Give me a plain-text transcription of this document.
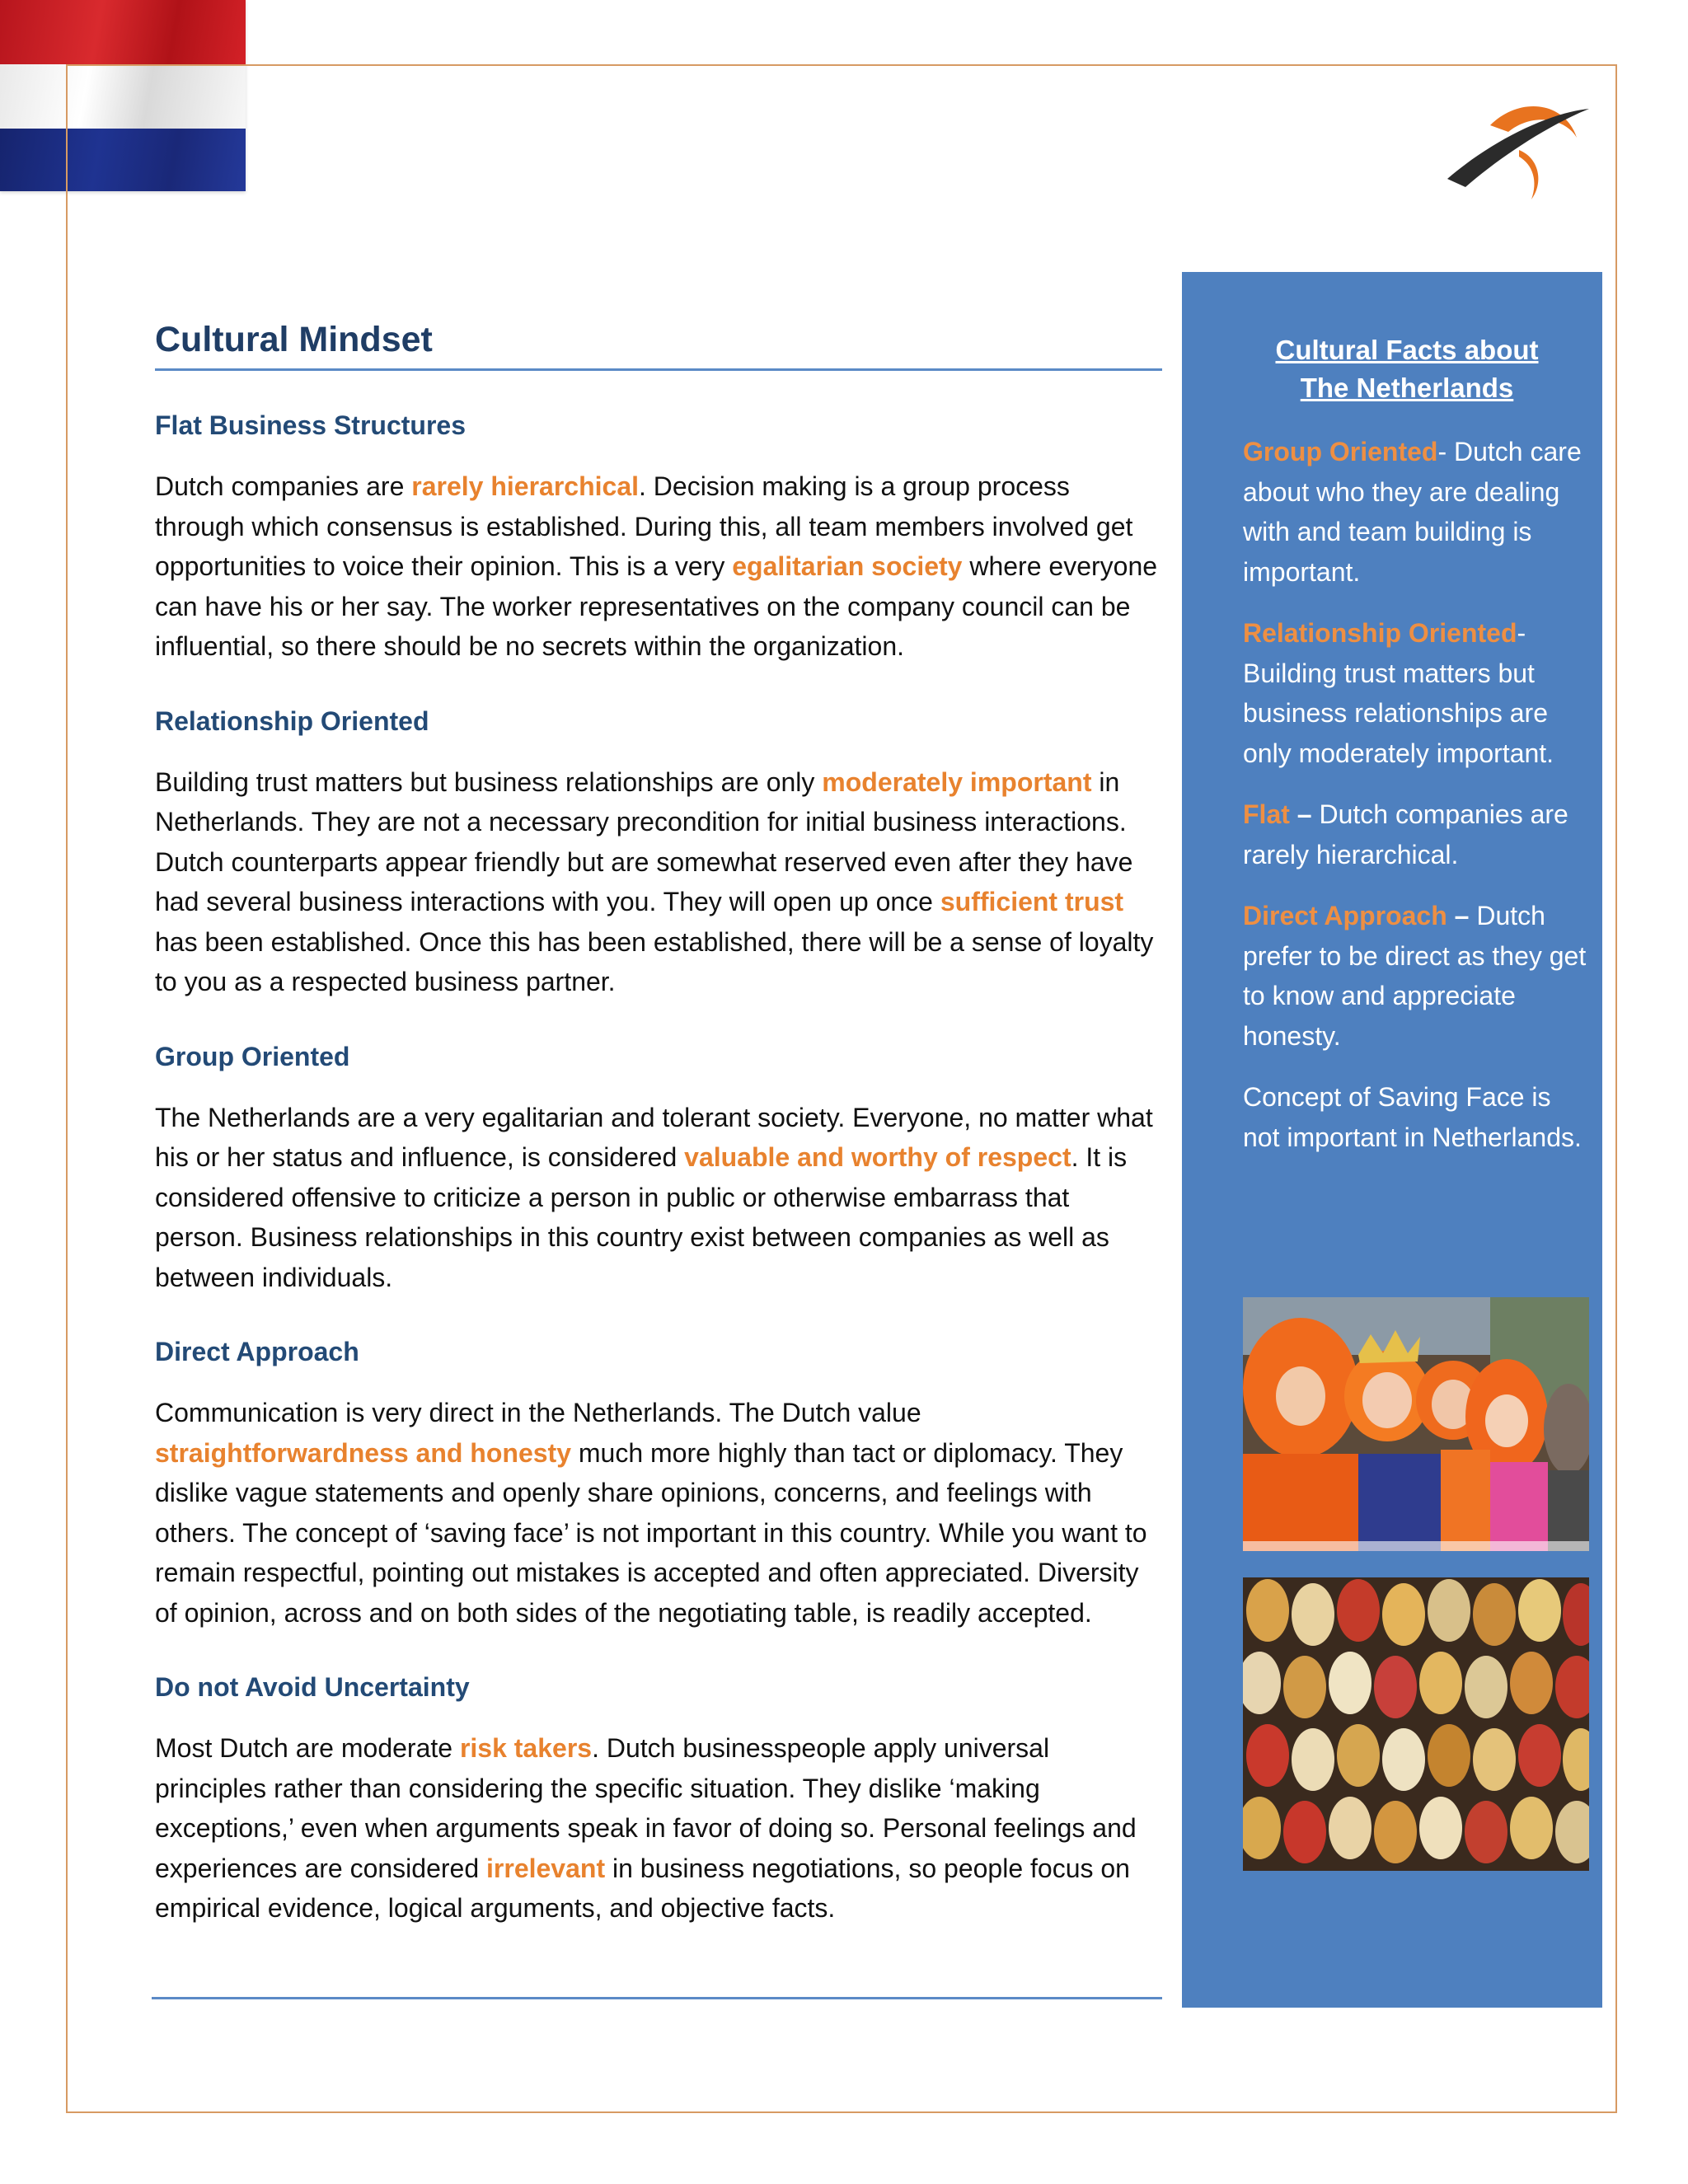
Cultural Mindset
Flat Business Structures

Dutch companies are rarely hierarchical. Decision making is a group process through which consensus is established. During this, all team members involved get opportunities to voice their opinion. This is a very egalitarian society where everyone can have his or her say. The worker representatives on the company council can be influential, so there should be no secrets within the organization.

Relationship Oriented

Building trust matters but business relationships are only moderately important in Netherlands. They are not a necessary precondition for initial business interactions. Dutch counterparts appear friendly but are somewhat reserved even after they have had several business interactions with you. They will open up once sufficient trust has been established. Once this has been established, there will be a sense of loyalty to you as a respected business partner.

Group Oriented

The Netherlands are a very egalitarian and tolerant society. Everyone, no matter what his or her status and influence, is considered valuable and worthy of respect. It is considered offensive to criticize a person in public or otherwise embarrass that person. Business relationships in this country exist between companies as well as between individuals.

Direct Approach

Communication is very direct in the Netherlands. The Dutch value straightforwardness and honesty much more highly than tact or diplomacy. They dislike vague statements and openly share opinions, concerns, and feelings with others. The concept of ‘saving face’ is not important in this country. While you want to remain respectful, pointing out mistakes is accepted and often appreciated. Diversity of opinion, across and on both sides of the negotiating table, is readily accepted.

Do not Avoid Uncertainty

Most Dutch are moderate risk takers. Dutch businesspeople apply universal principles rather than considering the specific situation. They dislike ‘making exceptions,’ even when arguments speak in favor of doing so. Personal feelings and experiences are considered irrelevant in business negotiations, so people focus on empirical evidence, logical arguments, and objective facts.

Cultural Facts about
The Netherlands

Group Oriented- Dutch care about who they are dealing with and team building is important.

Relationship Oriented- Building trust matters but business relationships are only moderately important.

Flat – Dutch companies are rarely hierarchical.

Direct Approach – Dutch prefer to be direct as they get to know and appreciate honesty.

Concept of Saving Face is not important in Netherlands.
